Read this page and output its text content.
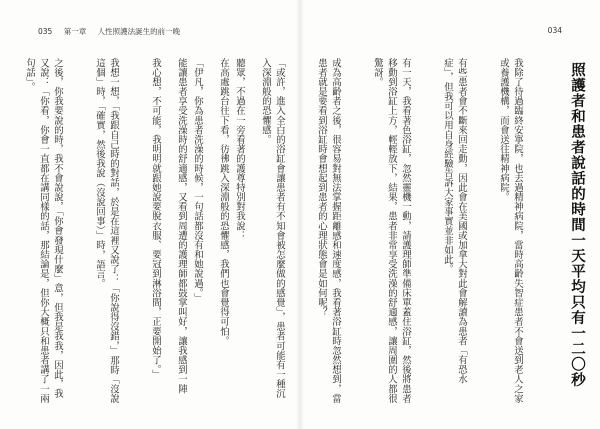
035 第一章 人性照護法誕生的前一晚

聽眾，不過在一旁看著的護尊特別對我說：

「伊凡，你為患者洗澡的時候，一句話都沒有和她說過。」

我心想，不可能，我明明就跟她說要脫衣服、要冠到淋浴間，正要開始了。」

我想一想，「我跟自己時的對話，於是在這裡又說了：「你說得沒錯，」那時「沒說這個」時，「確實，然後我說（沒說回事）」時，語言。

之後，你我要說的時，我不會說說，「你會發現什麼」意，但我是我我，因此，我又說：「你看，你會一直都在講同樣的話，那結論是，但你大概只和患者講了一兩句話」。

034
照護者和患者說話的時間一天平均只有一二〇秒

我除了待過臨終安寧院，也去過精神病院，當時高齡失智症患者不會送到老人之家或養護機構，而會送往精神病院。

有些患者會不斷來回走動，因此會在美國或加拿大對此會解讀為患者「有恐水症」，但我可以用自身經驗告訴大家事實並非如此。

有一天，我看著色浴缸，忽然靈機一動，請護理師準備床單蓋住浴缸，然後將患者移動到浴缸上方，輕輕放下，結果，患者非常享受洗澡的舒適感，讓周圍的人都很驚訝。

成為高齡者之後，很容易對無法掌握距離感和速度感，我看著浴缸時忽然想到，當患者就是要看到浴缸時會想起到患者的心理狀態會是如何呢？

「或許，進入全白的浴缸會讓患者有不知會被怎麼做的感覺」，患者可能有一種沉入深淵般的恐懼感。

在高處跳台往下看，彷彿跳入深淵般的恐懼感，我們也會覺得可怕。

能讓患者享受洗澡時的舒適感，又看到周遭的護理師都鼓掌叫好，讓我感到一陣
